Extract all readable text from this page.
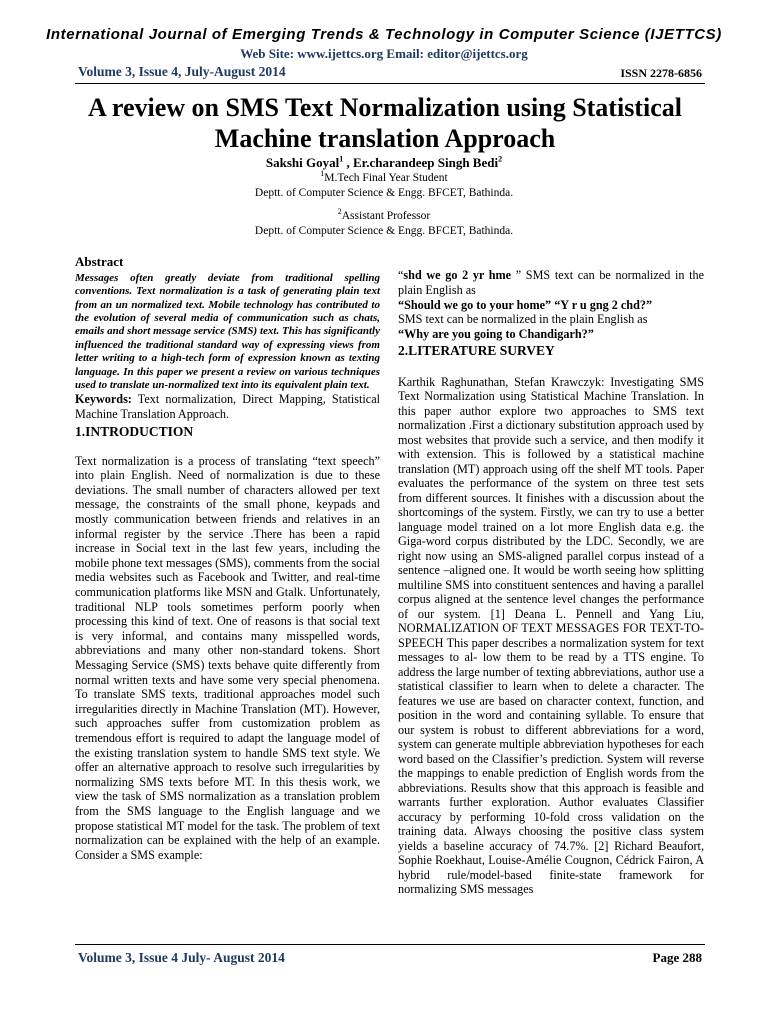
International Journal of Emerging Trends & Technology in Computer Science (IJETTCS)
Web Site: www.ijettcs.org Email: editor@ijettcs.org
Volume 3, Issue 4, July-August 2014	ISSN 2278-6856
A review on SMS Text Normalization using Statistical Machine translation Approach
Sakshi Goyal$^1$ , Er.charandeep Singh Bedi$^2$
$^1$M.Tech Final Year Student
Deptt. of Computer Science & Engg. BFCET, Bathinda.
$^2$Assistant Professor
Deptt. of Computer Science & Engg. BFCET, Bathinda.
Abstract

Messages often greatly deviate from traditional spelling conventions. Text normalization is a task of generating plain text from an un normalized text. Mobile technology has contributed to the evolution of several media of communication such as chats, emails and short message service (SMS) text. This has significantly influenced the traditional standard way of expressing views from letter writing to a high-tech form of expression known as texting language. In this paper we present a review on various techniques used to translate un-normalized text into its equivalent plain text.

Keywords: Text normalization, Direct Mapping, Statistical Machine Translation Approach.

1.INTRODUCTION

Text normalization is a process of translating “text speech” into plain English. Need of normalization is due to these deviations. The small number of characters allowed per text message, the constraints of the small phone, keypads and mostly communication between friends and relatives in an informal register by the service .There has been a rapid increase in Social text in the last few years, including the mobile phone text messages (SMS), comments from the social media websites such as Facebook and Twitter, and real-time communication platforms like MSN and Gtalk. Unfortunately, traditional NLP tools sometimes perform poorly when processing this kind of text. One of reasons is that social text is very informal, and contains many misspelled words, abbreviations and many other non-standard tokens. Short Messaging Service (SMS) texts behave quite differently from normal written texts and have some very special phenomena. To translate SMS texts, traditional approaches model such irregularities directly in Machine Translation (MT). However, such approaches suffer from customization problem as tremendous effort is required to adapt the language model of the existing translation system to handle SMS text style. We offer an alternative approach to resolve such irregularities by normalizing SMS texts before MT. In this thesis work, we view the task of SMS normalization as a translation problem from the SMS language to the English language and we propose statistical MT model for the task. The problem of text normalization can be explained with the help of an example. Consider a SMS example:

“shd we go 2 yr hme ” SMS text can be normalized in the plain English as

“Should we go to your home” “Y r u gng 2 chd?”

SMS text can be normalized in the plain English as

“Why are you going to Chandigarh?”

2.LITERATURE SURVEY

Karthik Raghunathan, Stefan Krawczyk: Investigating SMS Text Normalization using Statistical Machine Translation. In this paper author explore two approaches to SMS text normalization .First a dictionary substitution approach used by most websites that provide such a service, and then modify it with extension. This is followed by a statistical machine translation (MT) approach using off the shelf MT tools. Paper evaluates the performance of the system on three test sets from different sources. It finishes with a discussion about the shortcomings of the system. Firstly, we can try to use a better language model trained on a lot more English data e.g. the Giga-word corpus distributed by the LDC. Secondly, we are right now using an SMS-aligned parallel corpus instead of a sentence –aligned one. It would be worth seeing how splitting multiline SMS into constituent sentences and having a parallel corpus aligned at the sentence level changes the performance of our system. [1] Deana L. Pennell and Yang Liu, NORMALIZATION OF TEXT MESSAGES FOR TEXT-TO-SPEECH This paper describes a normalization system for text messages to al- low them to be read by a TTS engine. To address the large number of texting abbreviations, author use a statistical classifier to learn when to delete a character. The features we use are based on character context, function, and position in the word and containing syllable. To ensure that our system is robust to different abbreviations for a word, system can generate multiple abbreviation hypotheses for each word based on the Classifier’s prediction. System will reverse the mappings to enable prediction of English words from the abbreviations. Results show that this approach is feasible and warrants further exploration. Author evaluates Classifier accuracy by performing 10-fold cross validation on the training data. Always choosing the positive class system yields a baseline accuracy of 74.7%. [2] Richard Beaufort, Sophie Roekhaut, Louise-Amélie Cougnon, Cédrick Fairon, A hybrid rule/model-based finite-state framework for normalizing SMS messages

Volume 3, Issue 4 July- August 2014	Page 288
